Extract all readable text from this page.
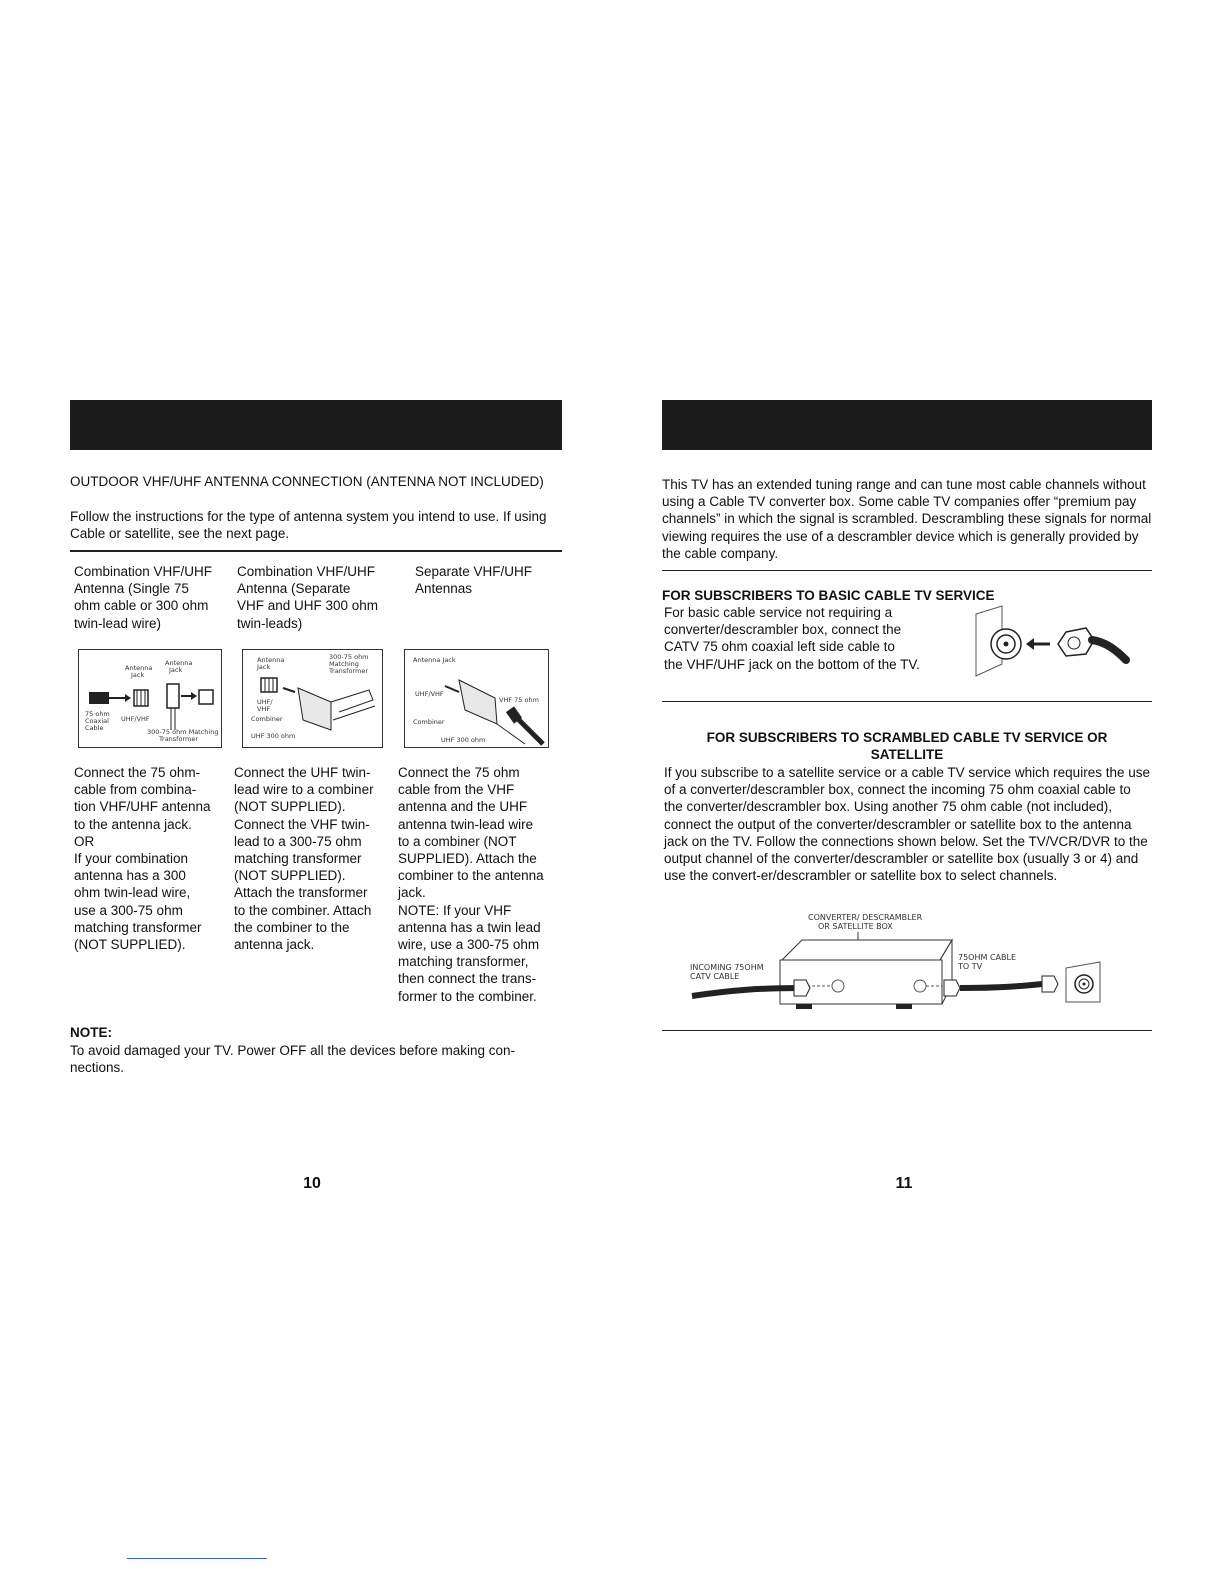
OUTDOOR VHF/UHF ANTENNA CONNECTION (ANTENNA NOT INCLUDED)
Follow the instructions for the type of antenna system you intend to use. If using Cable or satellite, see the next page.
Combination VHF/UHF
Antenna (Single 75
ohm cable or 300 ohm
twin-lead wire)
Combination VHF/UHF
Antenna (Separate
VHF and UHF 300 ohm
twin-leads)
Separate VHF/UHF
Antennas
Antenna
Jack
Antenna
Jack
75 ohm
Coaxial
Cable
UHF/VHF
300-75 ohm Matching
Transformer
Antenna
Jack
300-75 ohm
Matching
Transformer
UHF/
VHF
Combiner
UHF 300 ohm
Antenna Jack
UHF/VHF
VHF 75 ohm
Combiner
UHF 300 ohm
Connect the 75 ohm-
cable from combina-
tion VHF/UHF antenna
to the antenna jack.
OR
If your combination
antenna has a 300
ohm twin-lead wire,
use a 300-75 ohm
matching transformer
(NOT SUPPLIED).
Connect the UHF twin-
lead wire to a combiner
(NOT SUPPLIED).
Connect the VHF twin-
lead to a 300-75 ohm
matching transformer
(NOT SUPPLIED).
Attach the transformer
to the combiner. Attach
the combiner to the
antenna jack.
Connect the 75 ohm
cable from the VHF
antenna and the UHF
antenna twin-lead wire
to a combiner (NOT
SUPPLIED). Attach the
combiner to the antenna
jack.
NOTE: If your VHF
antenna has a twin lead
wire, use a 300-75 ohm
matching transformer,
then connect the trans-
former to the combiner.
NOTE:
To avoid damaged your TV. Power OFF all the devices before making con-
nections.
10
This TV has an extended tuning range and can tune most cable channels without using a Cable TV converter box. Some cable TV companies offer “premium pay channels” in which the signal is scrambled. Descrambling these signals for normal viewing requires the use of a descrambler device which is generally provided by the cable company.
FOR SUBSCRIBERS TO BASIC CABLE TV SERVICE
For basic cable service not requiring a
converter/descrambler box, connect the
CATV 75 ohm coaxial left side cable to
the VHF/UHF jack on the bottom of the TV.
FOR SUBSCRIBERS TO SCRAMBLED CABLE TV SERVICE OR SATELLITE
If you subscribe to a satellite service or a cable TV service which requires the use of a converter/descrambler box, connect the incoming 75 ohm coaxial cable to the converter/descrambler box. Using another 75 ohm cable (not included), connect the output of the converter/descrambler or satellite box to the antenna jack on the TV. Follow the connections shown below. Set the TV/VCR/DVR to the output channel of the converter/descrambler or satellite box (usually 3 or 4) and use the convert-er/descrambler or satellite box to select channels.
CONVERTER/ DESCRAMBLER
OR SATELLITE BOX
INCOMING 75OHM
CATV CABLE
75OHM CABLE
TO TV
11
